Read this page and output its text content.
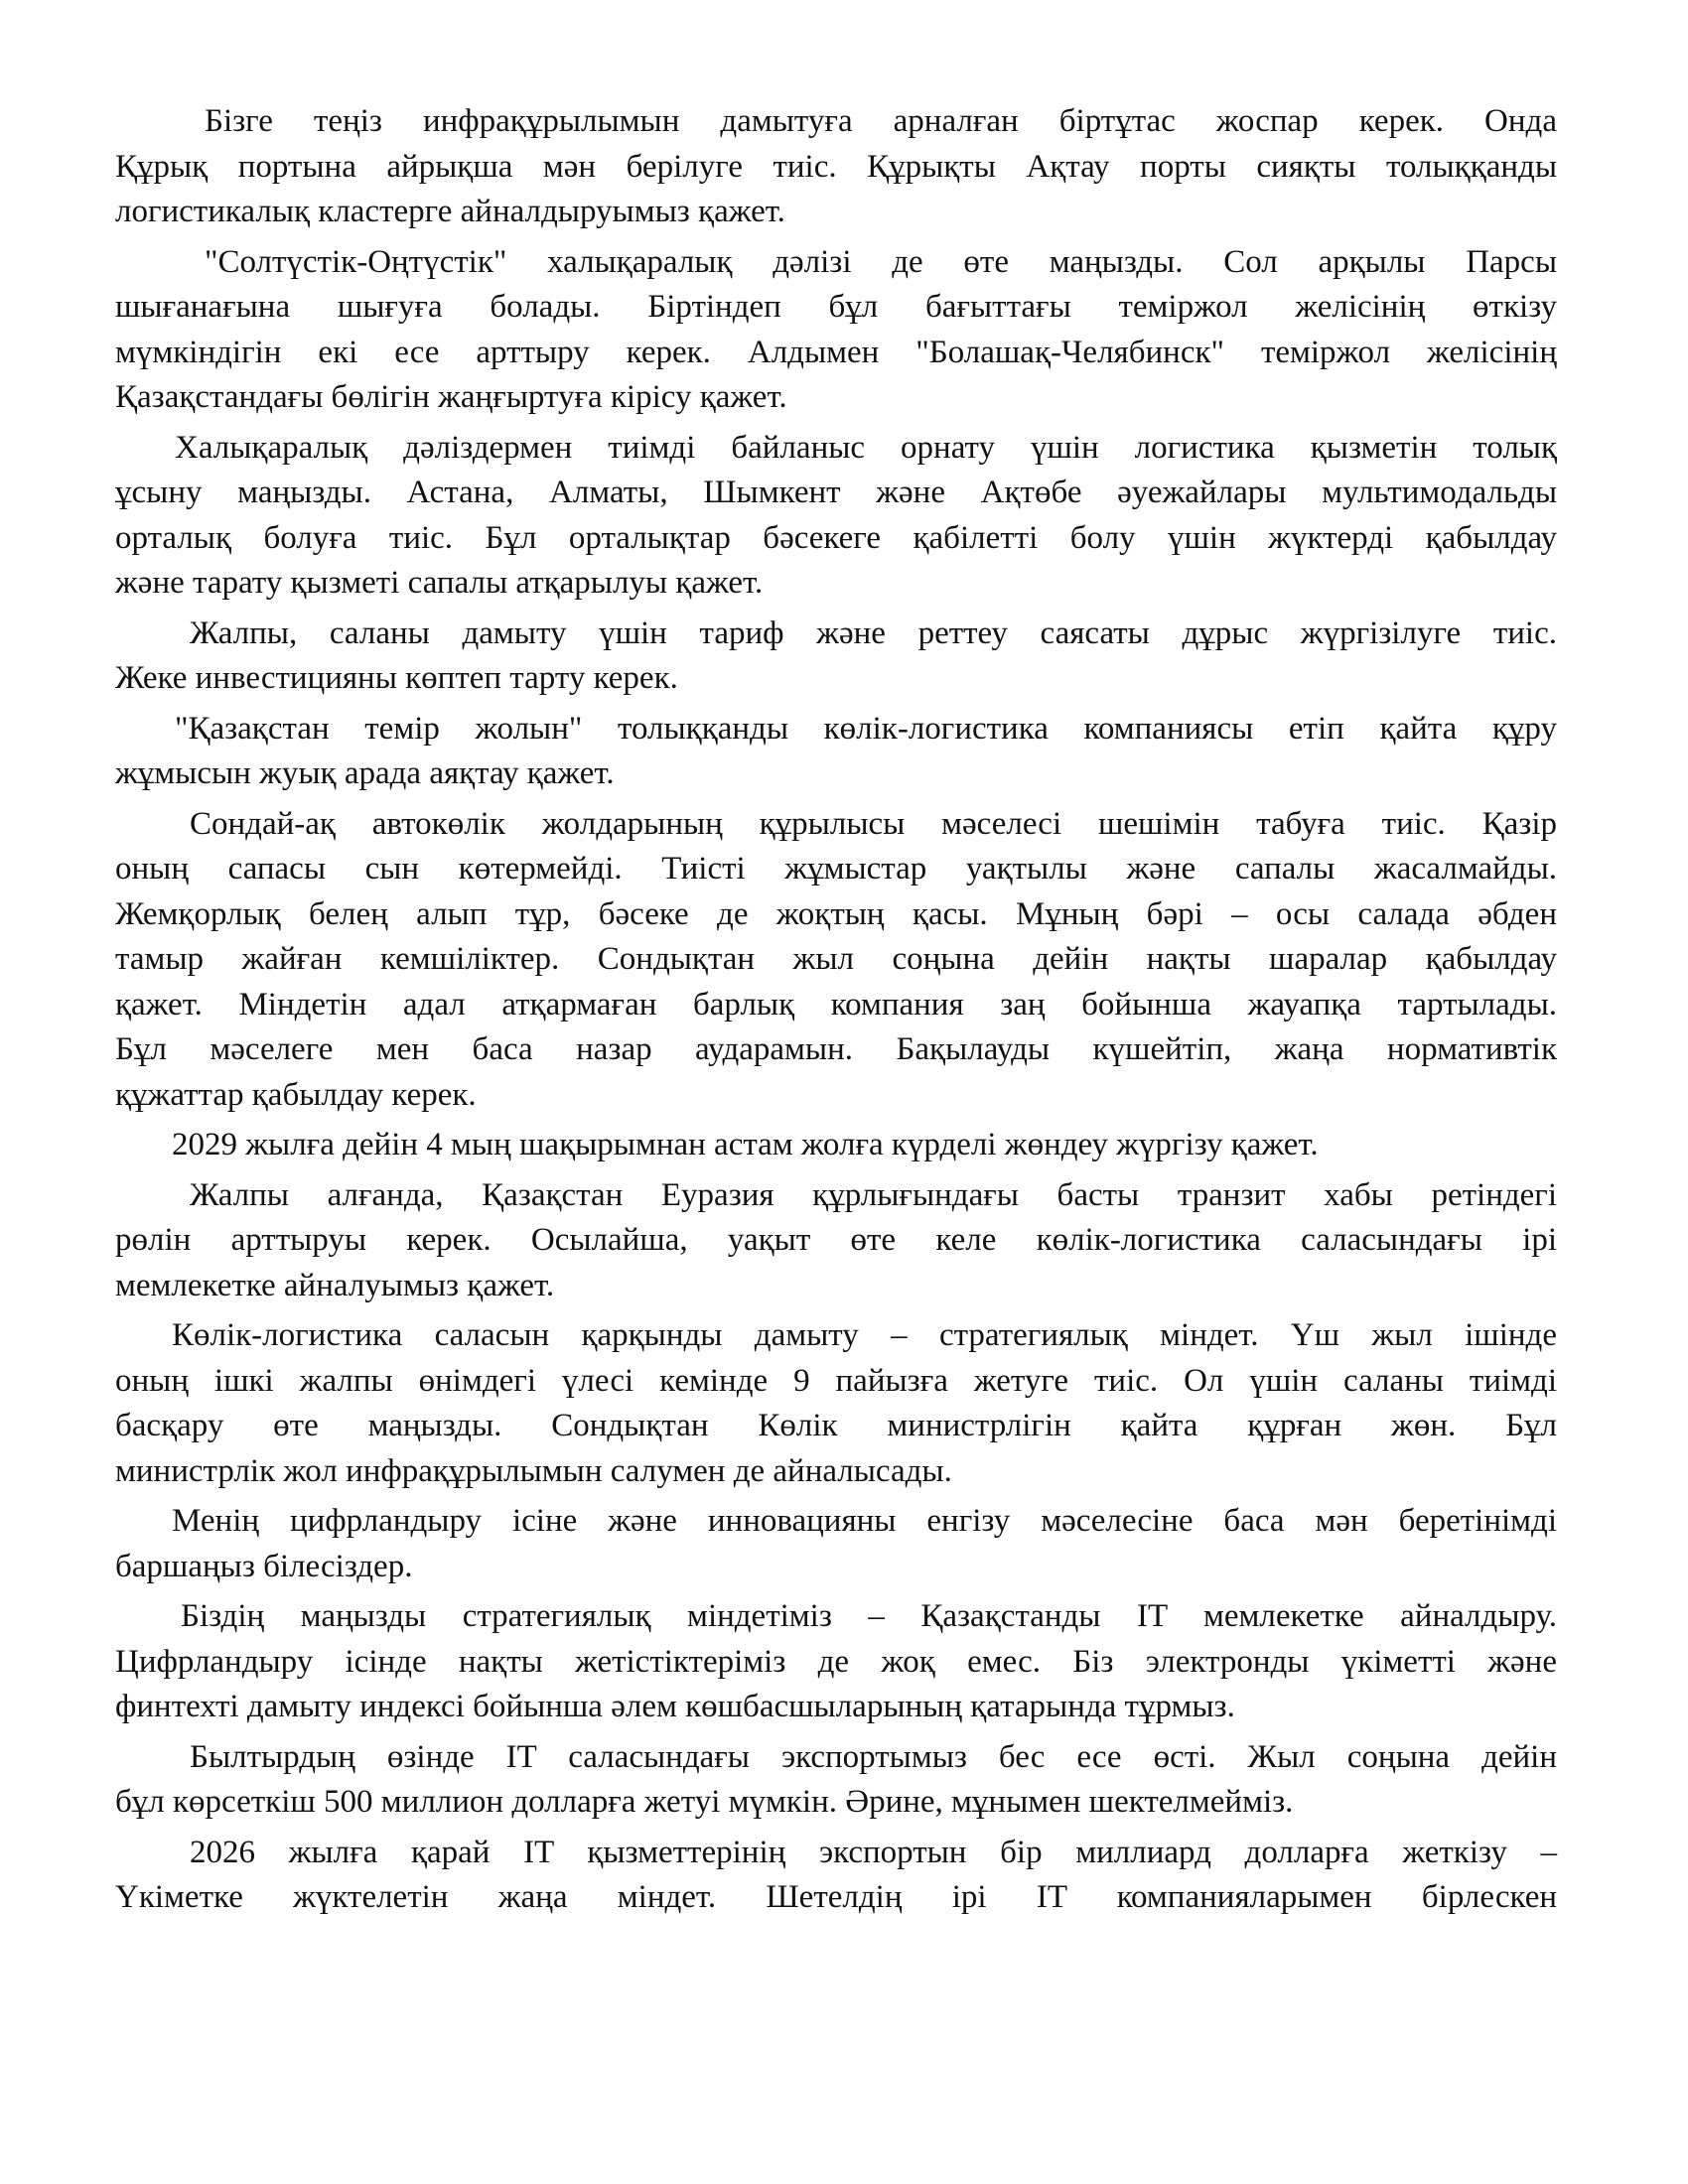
Бізге теңіз инфрақұрылымын дамытуға арналған біртұтас жоспар керек. Онда
Құрық портына айрықша мән берілуге тиіс. Құрықты Ақтау порты сияқты толыққанды
логистикалық кластерге айналдыруымыз қажет.
"Солтүстік-Оңтүстік" халықаралық дәлізі де өте маңызды. Сол арқылы Парсы
шығанағына шығуға болады. Біртіндеп бұл бағыттағы теміржол желісінің өткізу
мүмкіндігін екі есе арттыру керек. Алдымен "Болашақ-Челябинск" теміржол желісінің
Қазақстандағы бөлігін жаңғыртуға кірісу қажет.
Халықаралық дәліздермен тиімді байланыс орнату үшін логистика қызметін толық
ұсыну маңызды. Астана, Алматы, Шымкент және Ақтөбе әуежайлары мультимодальды
орталық болуға тиіс. Бұл орталықтар бәсекеге қабілетті болу үшін жүктерді қабылдау
және тарату қызметі сапалы атқарылуы қажет.
Жалпы, саланы дамыту үшін тариф және реттеу саясаты дұрыс жүргізілуге тиіс.
Жеке инвестицияны көптеп тарту керек.
"Қазақстан темір жолын" толыққанды көлік-логистика компаниясы етіп қайта құру
жұмысын жуық арада аяқтау қажет.
Сондай-ақ автокөлік жолдарының құрылысы мәселесі шешімін табуға тиіс. Қазір
оның сапасы сын көтермейді. Тиісті жұмыстар уақтылы және сапалы жасалмайды.
Жемқорлық белең алып тұр, бәсеке де жоқтың қасы. Мұның бәрі – осы салада әбден
тамыр жайған кемшіліктер. Сондықтан жыл соңына дейін нақты шаралар қабылдау
қажет. Міндетін адал атқармаған барлық компания заң бойынша жауапқа тартылады.
Бұл мәселеге мен баса назар аударамын. Бақылауды күшейтіп, жаңа нормативтік
құжаттар қабылдау керек.
2029 жылға дейін 4 мың шақырымнан астам жолға күрделі жөндеу жүргізу қажет.
Жалпы алғанда, Қазақстан Еуразия құрлығындағы басты транзит хабы ретіндегі
рөлін арттыруы керек. Осылайша, уақыт өте келе көлік-логистика саласындағы ірі
мемлекетке айналуымыз қажет.
Көлік-логистика саласын қарқынды дамыту – стратегиялық міндет. Үш жыл ішінде
оның ішкі жалпы өнімдегі үлесі кемінде 9 пайызға жетуге тиіс. Ол үшін саланы тиімді
басқару өте маңызды. Сондықтан Көлік министрлігін қайта құрған жөн. Бұл
министрлік жол инфрақұрылымын салумен де айналысады.
Менің цифрландыру ісіне және инновацияны енгізу мәселесіне баса мән беретінімді
баршаңыз білесіздер.
Біздің маңызды стратегиялық міндетіміз – Қазақстанды IT мемлекетке айналдыру.
Цифрландыру ісінде нақты жетістіктеріміз де жоқ емес. Біз электронды үкіметті және
финтехті дамыту индексі бойынша әлем көшбасшыларының қатарында тұрмыз.
Былтырдың өзінде IT саласындағы экспортымыз бес есе өсті. Жыл соңына дейін
бұл көрсеткіш 500 миллион долларға жетуі мүмкін. Әрине, мұнымен шектелмейміз.
2026 жылға қарай IT қызметтерінің экспортын бір миллиард долларға жеткізу –
Үкіметке жүктелетін жаңа міндет. Шетелдің ірі IT компанияларымен бірлескен
